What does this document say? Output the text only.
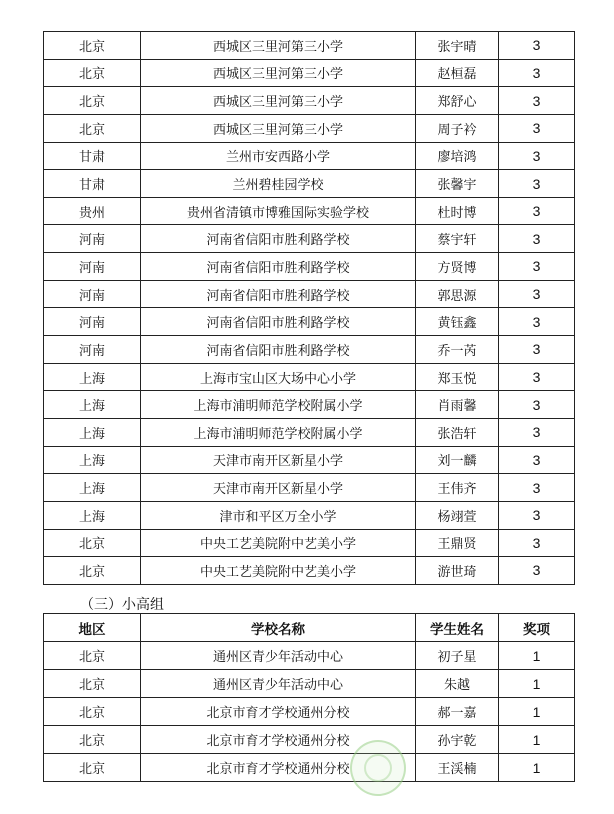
北京	西城区三里河第三小学	张宇晴	3
北京	西城区三里河第三小学	赵桓磊	3
北京	西城区三里河第三小学	郑舒心	3
北京	西城区三里河第三小学	周子衿	3
甘肃	兰州市安西路小学	廖培鸿	3
甘肃	兰州碧桂园学校	张馨宇	3
贵州	贵州省清镇市博雅国际实验学校	杜时博	3
河南	河南省信阳市胜利路学校	蔡宇轩	3
河南	河南省信阳市胜利路学校	方贤博	3
河南	河南省信阳市胜利路学校	郭思源	3
河南	河南省信阳市胜利路学校	黄钰鑫	3
河南	河南省信阳市胜利路学校	乔一芮	3
上海	上海市宝山区大场中心小学	郑玉悦	3
上海	上海市浦明师范学校附属小学	肖雨馨	3
上海	上海市浦明师范学校附属小学	张浩轩	3
上海	天津市南开区新星小学	刘一麟	3
上海	天津市南开区新星小学	王伟齐	3
上海	津市和平区万全小学	杨翊萱	3
北京	中央工艺美院附中艺美小学	王鼎贤	3
北京	中央工艺美院附中艺美小学	游世琦	3
（三）小高组
地区	学校名称	学生姓名	奖项
北京	通州区青少年活动中心	初子星	1
北京	通州区青少年活动中心	朱越	1
北京	北京市育才学校通州分校	郝一嘉	1
北京	北京市育才学校通州分校	孙宇乾	1
北京	北京市育才学校通州分校	王渓楠	1
